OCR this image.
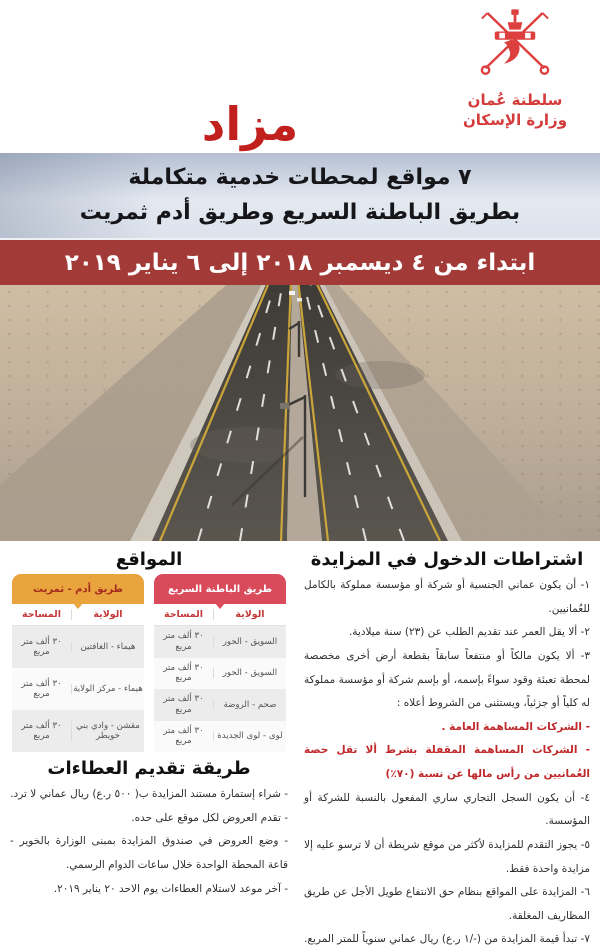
سلطنة عُمان
وزارة الإسكان
مزاد
٧ مواقع لمحطات خدمية متكاملة
بطريق الباطنة السريع وطريق أدم ثمريت
ابتداء من ٤ ديسمبر ٢٠١٨ إلى ٦ يناير ٢٠١٩
اشتراطات الدخول في المزايدة
١- أن يكون عماني الجنسية أو شركة أو مؤسسة مملوكة بالكامل للعُمانيين.
٢- ألا يقل العمر عند تقديم الطلب عن (٢٣) سنة ميلادية.
٣- ألا يكون مالكاً أو منتفعاً سابقاً بقطعة أرض أخرى مخصصة لمحطة تعبئة وقود سواءً بإسمه، أو بإسم شركة أو مؤسسة مملوكة له كلياً أو جزئياً، ويستثنى من الشروط أعلاه :
- الشركات المساهمة العامة .
- الشركات المساهمة المقفلة بشرط ألا تقل حصة العُمانيين من رأس مالها عن نسبة (٧٠٪)
٤- أن يكون السجل التجاري ساري المفعول بالنسبة للشركة أو المؤسسة.
٥- يجوز التقدم للمزايدة لأكثر من موقع شريطة أن لا ترسو عليه إلا مزايدة واحدة فقط.
٦- المزايدة على المواقع بنظام حق الانتفاع طويل الأجل عن طريق المظاريف المغلقة.
٧- تبدأ قيمة المزايدة من (-/١ ر.ع) ريال عماني سنوياً للمتر المربع.
المواقع
طريق الباطنة السريع
الولاية
المساحة
السويق - الحور
٣٠ ألف متر مربع
السويق - الحور
٣٠ ألف متر مربع
صحم - الروضة
٣٠ ألف متر مربع
لوى - لوى الجديدة
٣٠ ألف متر مربع
طريق أدم - ثمريت
الولاية
المساحة
هيماء - الغافتين
٣٠ ألف متر مربع
هيماء - مركز الولاية
٣٠ ألف متر مربع
مقشن - وادي بني خويطر
٣٠ ألف متر مربع
طريقة تقديم العطاءات
- شراء إستمارة مستند المزايدة ب( ٥٠٠ ر.ع) ريال عماني لا ترد.
- تقدم العروض لكل موقع على حده.
- وضع العروض في صندوق المزايدة بمبنى الوزارة بالخوير - قاعة المحطة الواحدة خلال ساعات الدوام الرسمي.
- آخر موعد لاستلام العطاءات يوم الاحد ٢٠ يناير ٢٠١٩.
